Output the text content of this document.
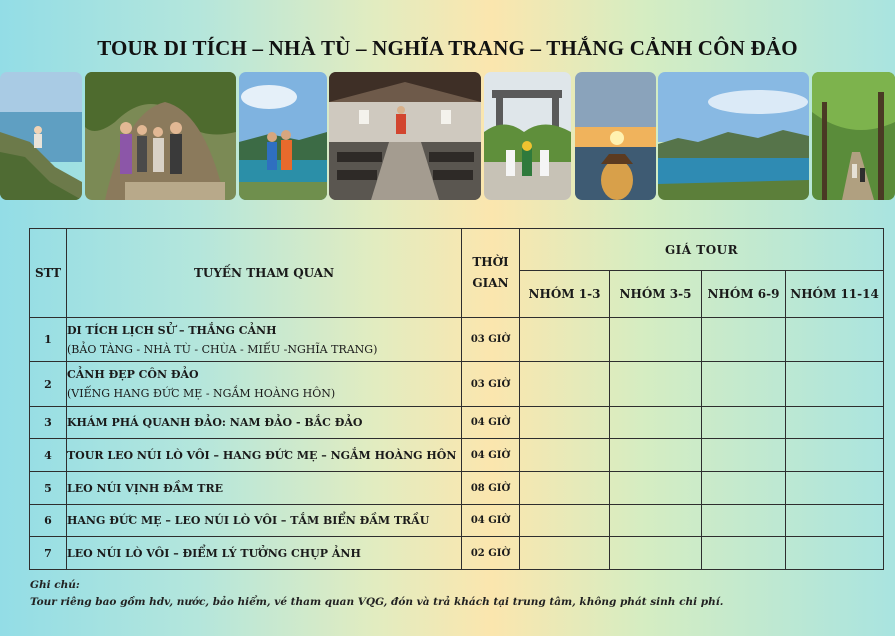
TOUR DI TÍCH – NHÀ TÙ – NGHĨA TRANG – THẮNG CẢNH CÔN ĐẢO
STT	TUYẾN THAM QUAN	THỜI
GIAN	GIÁ TOUR			
			NHÓM 1-3	NHÓM 3-5	NHÓM 6-9	NHÓM 11-14
1	DI TÍCH LỊCH SỬ – THẮNG CẢNH
(BẢO TÀNG - NHÀ TÙ - CHÙA - MIẾU -NGHĨA TRANG)	03 GIỜ				
2	CẢNH ĐẸP CÔN ĐẢO
(VIẾNG HANG ĐỨC MẸ - NGẮM HOÀNG HÔN)	03 GIỜ				
3	KHÁM PHÁ QUANH ĐẢO: NAM ĐẢO - BẮC ĐẢO	04 GIỜ				
4	TOUR LEO NÚI LÒ VÔI – HANG ĐỨC MẸ – NGẮM HOÀNG HÔN	04 GIỜ				
5	LEO NÚI VỊNH ĐẦM TRE	08 GIỜ				
6	HANG ĐỨC MẸ – LEO NÚI LÒ VÔI – TẮM BIỂN ĐẦM TRẦU	04 GIỜ				
7	LEO NÚI LÒ VÔI – ĐIỂM LÝ TƯỞNG CHỤP ẢNH	02 GIỜ				
Ghi chú:
Tour riêng bao gồm hdv, nước, bảo hiểm, vé tham quan VQG, đón và trả khách tại trung tâm, không phát sinh chi phí.
